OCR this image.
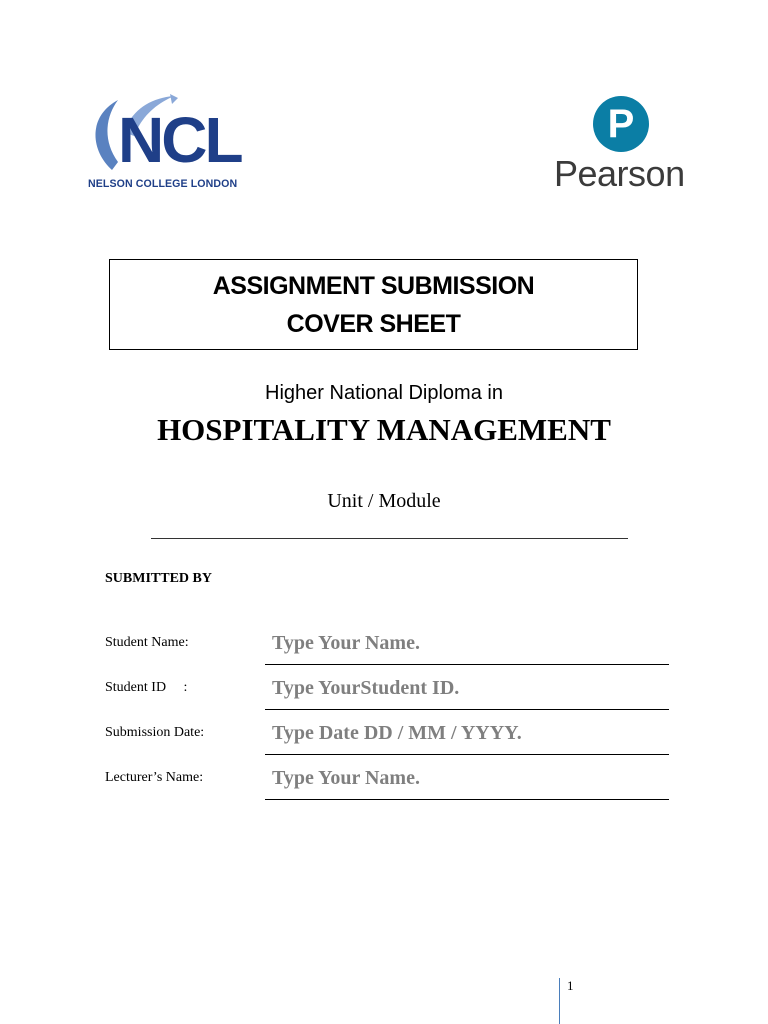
NCL
NELSON COLLEGE LONDON
P
Pearson
ASSIGNMENT SUBMISSION
COVER SHEET
Higher National Diploma in
HOSPITALITY MANAGEMENT
Unit / Module
SUBMITTED BY
Student Name:	Type Your Name.
Student ID     :	Type YourStudent ID.
Submission Date:	Type Date DD / MM / YYYY.
Lecturer’s Name:	Type Your Name.
1
